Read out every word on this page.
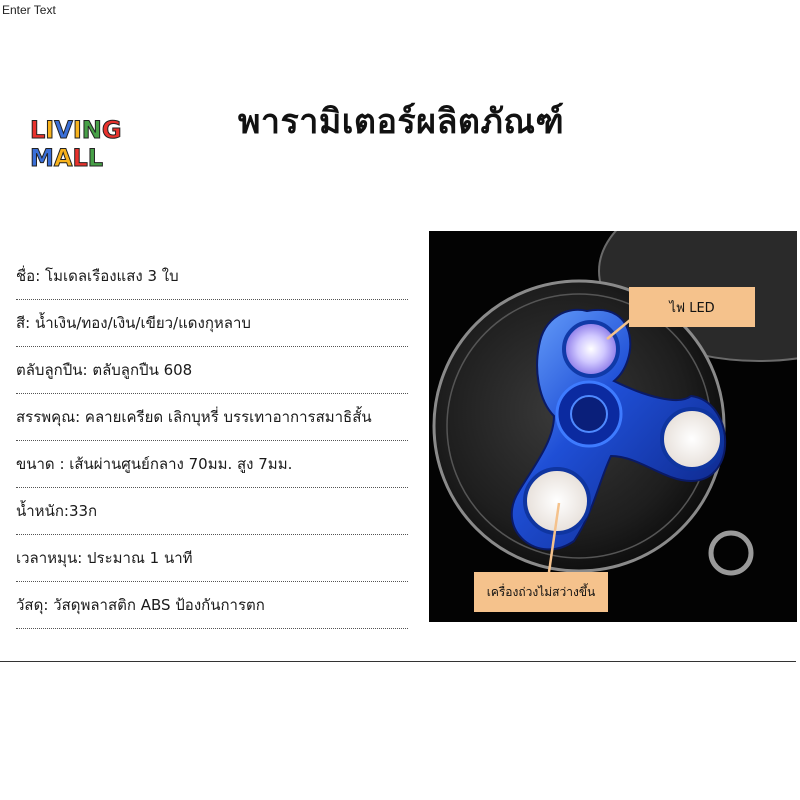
Enter Text
L I V I N G
M A L L
พารามิเตอร์ผลิตภัณฑ์
ชื่อ: โมเดลเรืองแสง 3 ใบ
สี: น้ำเงิน/ทอง/เงิน/เขียว/แดงกุหลาบ
ตลับลูกปืน: ตลับลูกปืน 608
สรรพคุณ: คลายเครียด เลิกบุหรี่ บรรเทาอาการสมาธิสั้น
ขนาด : เส้นผ่านศูนย์กลาง 70มม. สูง 7มม.
น้ำหนัก:33ก
เวลาหมุน: ประมาณ 1 นาที
วัสดุ: วัสดุพลาสติก ABS ป้องกันการตก
ไฟ LED
เครื่องถ่วงไม่สว่างขึ้น
